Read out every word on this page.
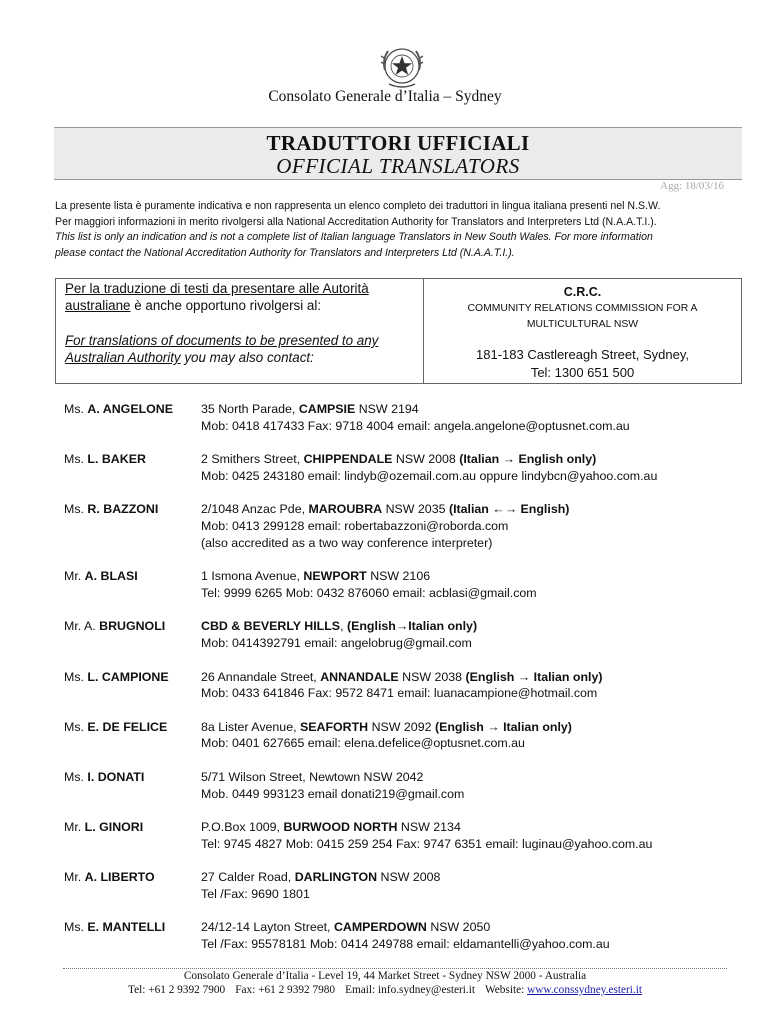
Consolato Generale d’Italia – Sydney
TRADUTTORI UFFICIALI
OFFICIAL TRANSLATORS
Agg: 18/03/16
La presente lista è puramente indicativa e non rappresenta un elenco completo dei traduttori in lingua italiana presenti nel N.S.W.
Per maggiori informazioni in merito rivolgersi alla National Accreditation Authority for Translators and Interpreters Ltd (N.A.A.T.I.).
This list is only an indication and is not a complete list of Italian language Translators in New South Wales. For more information
please contact the National Accreditation Authority for Translators and Interpreters Ltd (N.A.A.T.I.).
Per la traduzione di testi da presentare alle Autorità
australiane è anche opportuno rivolgersi al:
For translations of documents to be presented to any
Australian Authority you may also contact:
C.R.C.
COMMUNITY RELATIONS COMMISSION FOR A
MULTICULTURAL NSW
181-183 Castlereagh Street, Sydney,
Tel: 1300 651 500
Ms. A. ANGELONE	35 North Parade, CAMPSIE NSW 2194
Mob: 0418 417433 Fax: 9718 4004 email: angela.angelone@optusnet.com.au
Ms. L. BAKER	2 Smithers Street, CHIPPENDALE NSW 2008 (Italian → English only)
Mob: 0425 243180 email: lindyb@ozemail.com.au oppure lindybcn@yahoo.com.au
Ms. R. BAZZONI	2/1048 Anzac Pde, MAROUBRA NSW 2035 (Italian ←→ English)
Mob: 0413 299128 email: robertabazzoni@roborda.com
(also accredited as a two way conference interpreter)
Mr. A. BLASI	1 Ismona Avenue, NEWPORT NSW 2106
Tel: 9999 6265 Mob: 0432 876060 email: acblasi@gmail.com
Mr. A. BRUGNOLI	CBD & BEVERLY HILLS, (English→Italian only)
Mob: 0414392791 email: angelobrug@gmail.com
Ms. L. CAMPIONE	26 Annandale Street, ANNANDALE NSW 2038 (English → Italian only)
Mob: 0433 641846 Fax: 9572 8471 email: luanacampione@hotmail.com
Ms. E. DE FELICE	8a Lister Avenue, SEAFORTH NSW 2092 (English → Italian only)
Mob: 0401 627665 email: elena.defelice@optusnet.com.au
Ms. I. DONATI	5/71 Wilson Street, Newtown NSW 2042
Mob. 0449 993123 email donati219@gmail.com
Mr. L. GINORI	P.O.Box 1009, BURWOOD NORTH NSW 2134
Tel: 9745 4827 Mob: 0415 259 254 Fax: 9747 6351 email: luginau@yahoo.com.au
Mr. A. LIBERTO	27 Calder Road, DARLINGTON NSW 2008
Tel /Fax: 9690 1801
Ms. E. MANTELLI	24/12-14 Layton Street, CAMPERDOWN NSW 2050
Tel /Fax: 95578181 Mob: 0414 249788 email: eldamantelli@yahoo.com.au
Consolato Generale d’Italia - Level 19, 44 Market Street - Sydney NSW 2000 - Australia
Tel: +61 2 9392 7900 Fax: +61 2 9392 7980 Email: info.sydney@esteri.it Website: www.conssydney.esteri.it
